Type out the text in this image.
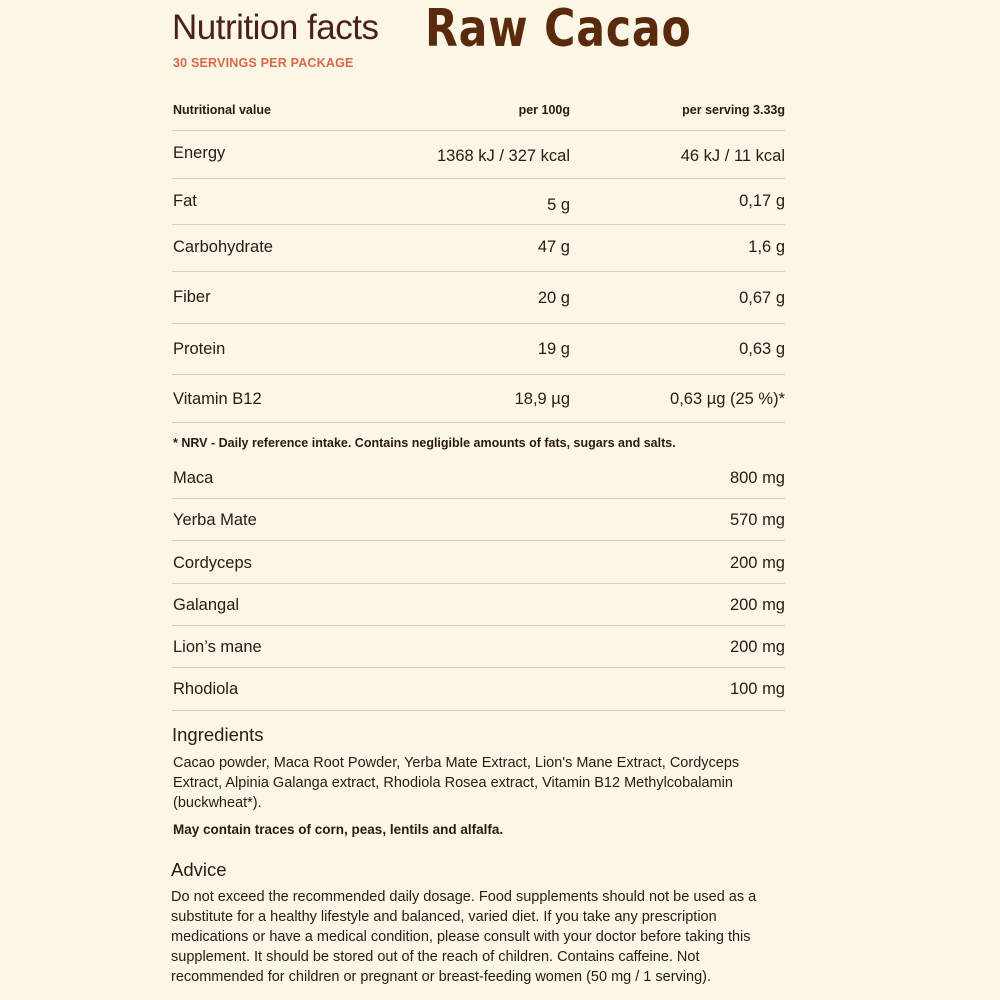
Nutrition facts Raw Cacao
30 SERVINGS PER PACKAGE
Nutritional value	per 100g	per serving 3.33g
Energy	1368 kJ / 327 kcal	46 kJ / 11 kcal
Fat	5 g	0,17 g
Carbohydrate	47 g	1,6 g
Fiber	20 g	0,67 g
Protein	19 g	0,63 g
Vitamin B12	18,9 µg	0,63 µg (25 %)*
* NRV - Daily reference intake. Contains negligible amounts of fats, sugars and salts.
Maca	800 mg
Yerba Mate	570 mg
Cordyceps	200 mg
Galangal	200 mg
Lion’s mane	200 mg
Rhodiola	100 mg
Ingredients
Cacao powder, Maca Root Powder, Yerba Mate Extract, Lion's Mane Extract, Cordyceps
Extract, Alpinia Galanga extract, Rhodiola Rosea extract, Vitamin B12 Methylcobalamin
(buckwheat*).
May contain traces of corn, peas, lentils and alfalfa.
Advice
Do not exceed the recommended daily dosage. Food supplements should not be used as a
substitute for a healthy lifestyle and balanced, varied diet. If you take any prescription
medications or have a medical condition, please consult with your doctor before taking this
supplement. It should be stored out of the reach of children. Contains caffeine. Not
recommended for children or pregnant or breast-feeding women (50 mg / 1 serving).
